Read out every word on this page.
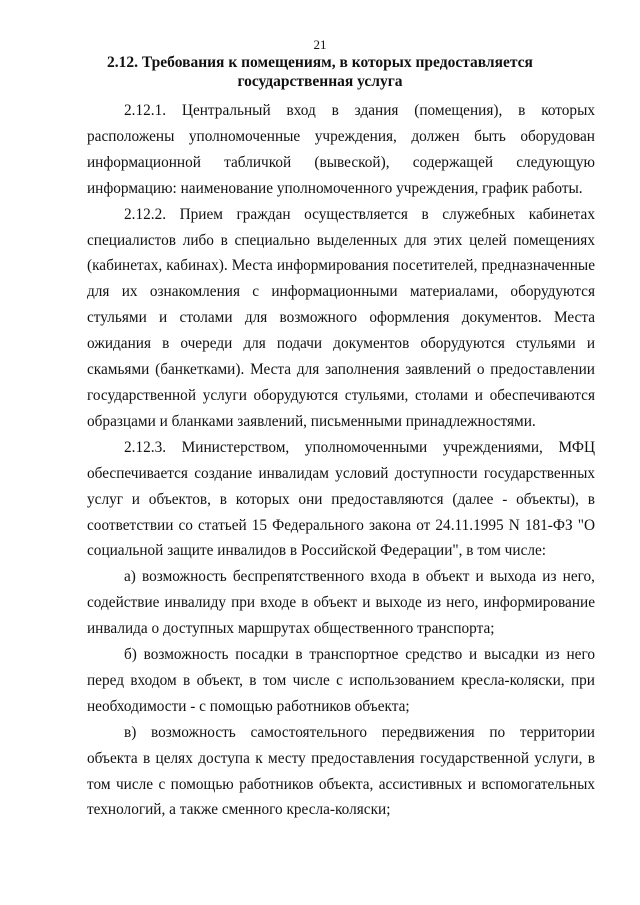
21
2.12. Требования к помещениям, в которых предоставляется
государственная услуга

2.12.1. Центральный вход в здания (помещения), в которых расположены уполномоченные учреждения, должен быть оборудован информационной табличкой (вывеской), содержащей следующую информацию: наименование уполномоченного учреждения, график работы.

2.12.2. Прием граждан осуществляется в служебных кабинетах специалистов либо в специально выделенных для этих целей помещениях (кабинетах, кабинах). Места информирования посетителей, предназначенные для их ознакомления с информационными материалами, оборудуются стульями и столами для возможного оформления документов. Места ожидания в очереди для подачи документов оборудуются стульями и скамьями (банкетками). Места для заполнения заявлений о предоставлении государственной услуги оборудуются стульями, столами и обеспечиваются образцами и бланками заявлений, письменными принадлежностями.

2.12.3. Министерством, уполномоченными учреждениями, МФЦ обеспечивается создание инвалидам условий доступности государственных услуг и объектов, в которых они предоставляются (далее - объекты), в соответствии со статьей 15 Федерального закона от 24.11.1995 N 181-ФЗ "О социальной защите инвалидов в Российской Федерации", в том числе:

а) возможность беспрепятственного входа в объект и выхода из него, содействие инвалиду при входе в объект и выходе из него, информирование инвалида о доступных маршрутах общественного транспорта;

б) возможность посадки в транспортное средство и высадки из него перед входом в объект, в том числе с использованием кресла-коляски, при необходимости - с помощью работников объекта;

в) возможность самостоятельного передвижения по территории объекта в целях доступа к месту предоставления государственной услуги, в том числе с помощью работников объекта, ассистивных и вспомогательных технологий, а также сменного кресла-коляски;
